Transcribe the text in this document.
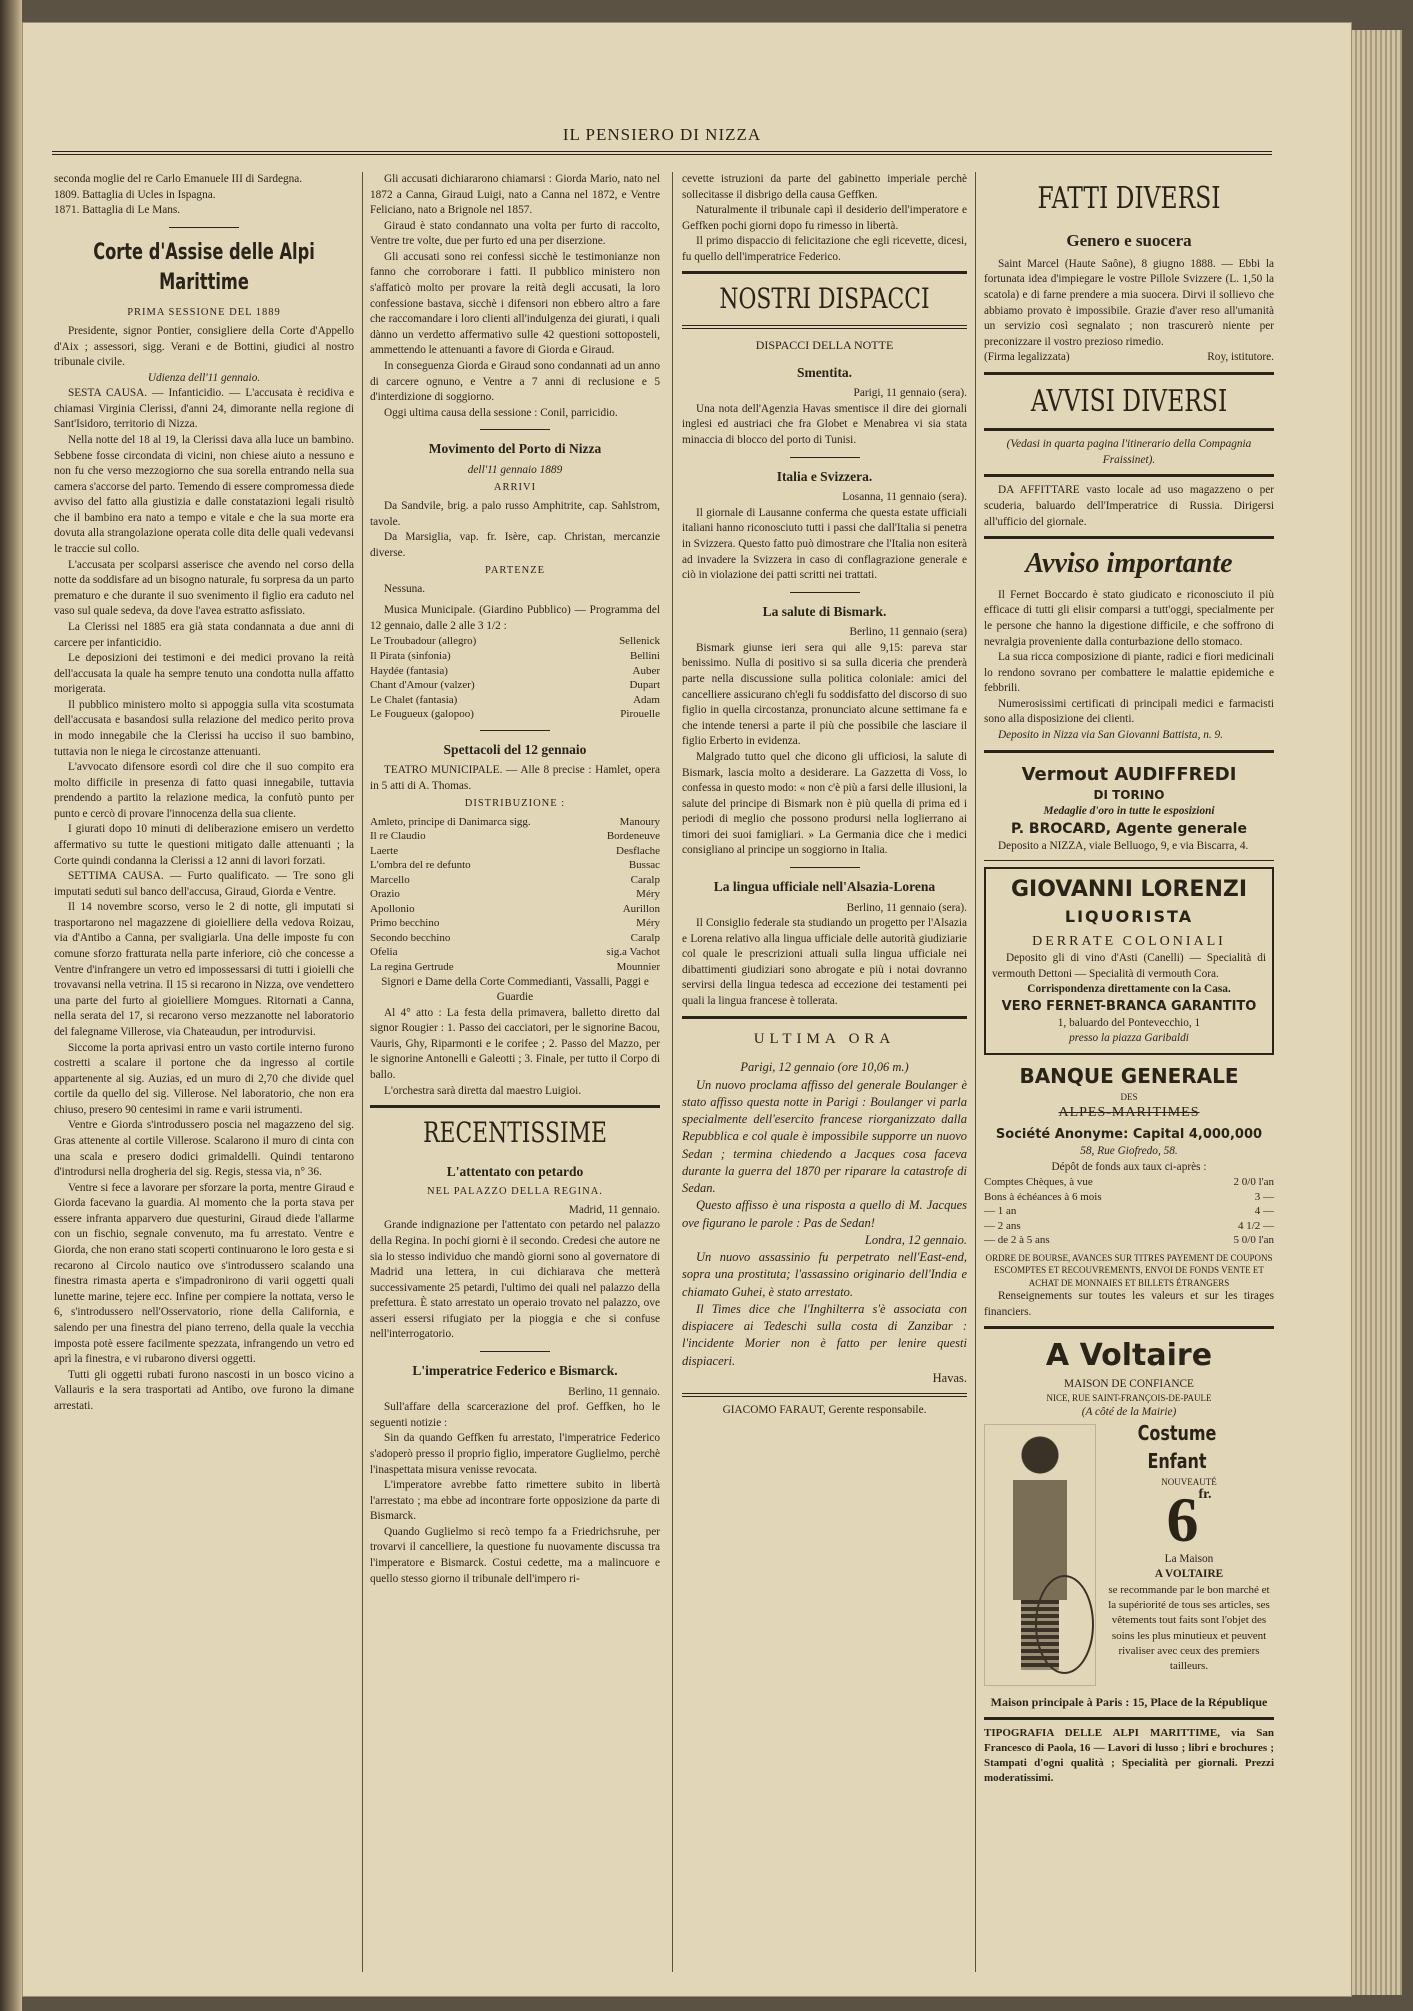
IL PENSIERO DI NIZZA
seconda moglie del re Carlo Emanuele III di Sardegna.
1809. Battaglia di Ucles in Ispagna.
1871. Battaglia di Le Mans.
Corte d'Assise delle Alpi Marittime
PRIMA SESSIONE DEL 1889

Presidente, signor Pontier, consigliere della Corte d'Appello d'Aix ; assessori, sigg. Verani e de Bottini, giudici al nostro tribunale civile.

Udienza dell'11 gennaio.

SESTA CAUSA. — Infanticidio. — L'accusata è recidiva e chiamasi Virginia Clerissi, d'anni 24, dimorante nella regione di Sant'Isidoro, territorio di Nizza.

Nella notte del 18 al 19, la Clerissi dava alla luce un bambino. Sebbene fosse circondata di vicini, non chiese aiuto a nessuno e non fu che verso mezzogiorno che sua sorella entrando nella sua camera s'accorse del parto. Temendo di essere compromessa diede avviso del fatto alla giustizia e dalle constatazioni legali risultò che il bambino era nato a tempo e vitale e che la sua morte era dovuta alla strangolazione operata colle dita delle quali vedevansi le traccie sul collo.

L'accusata per scolparsi asserisce che avendo nel corso della notte da soddisfare ad un bisogno naturale, fu sorpresa da un parto prematuro e che durante il suo svenimento il figlio era caduto nel vaso sul quale sedeva, da dove l'avea estratto asfissiato.

La Clerissi nel 1885 era già stata condannata a due anni di carcere per infanticidio.

Le deposizioni dei testimoni e dei medici provano la reità dell'accusata la quale ha sempre tenuto una condotta nulla affatto morigerata.

Il pubblico ministero molto si appoggia sulla vita scostumata dell'accusata e basandosi sulla relazione del medico perito prova in modo innegabile che la Clerissi ha ucciso il suo bambino, tuttavia non le niega le circostanze attenuanti.

L'avvocato difensore esordì col dire che il suo compito era molto difficile in presenza di fatto quasi innegabile, tuttavia prendendo a partito la relazione medica, la confutò punto per punto e cercò di provare l'innocenza della sua cliente.

I giurati dopo 10 minuti di deliberazione emisero un verdetto affermativo su tutte le questioni mitigato dalle attenuanti ; la Corte quindi condanna la Clerissi a 12 anni di lavori forzati.

SETTIMA CAUSA. — Furto qualificato. — Tre sono gli imputati seduti sul banco dell'accusa, Giraud, Giorda e Ventre.

Il 14 novembre scorso, verso le 2 di notte, gli imputati si trasportarono nel magazzene di gioielliere della vedova Roizau, via d'Antibo a Canna, per svaligiarla. Una delle imposte fu con comune sforzo fratturata nella parte inferiore, ciò che concesse a Ventre d'infrangere un vetro ed impossessarsi di tutti i gioielli che trovavansi nella vetrina. Il 15 si recarono in Nizza, ove vendettero una parte del furto al gioielliere Momgues. Ritornati a Canna, nella serata del 17, si recarono verso mezzanotte nel laboratorio del falegname Villerose, via Chateaudun, per introdurvisi.

Siccome la porta aprivasi entro un vasto cortile interno furono costretti a scalare il portone che da ingresso al cortile appartenente al sig. Auzias, ed un muro di 2,70 che divide quel cortile da quello del sig. Villerose. Nel laboratorio, che non era chiuso, presero 90 centesimi in rame e varii istrumenti.

Ventre e Giorda s'introdussero poscia nel magazzeno del sig. Gras attenente al cortile Villerose. Scalarono il muro di cinta con una scala e presero dodici grimaldelli. Quindi tentarono d'introdursi nella drogheria del sig. Regis, stessa via, n° 36.

Ventre si fece a lavorare per sforzare la porta, mentre Giraud e Giorda facevano la guardia. Al momento che la porta stava per essere infranta apparvero due questurini, Giraud diede l'allarme con un fischio, segnale convenuto, ma fu arrestato. Ventre e Giorda, che non erano stati scoperti continuarono le loro gesta e si recarono al Circolo nautico ove s'introdussero scalando una finestra rimasta aperta e s'impadronirono di varii oggetti quali lunette marine, tejere ecc. Infine per compiere la nottata, verso le 6, s'introdussero nell'Osservatorio, rione della California, e salendo per una finestra del piano terreno, della quale la vecchia imposta potè essere facilmente spezzata, infrangendo un vetro ed aprì la finestra, e vi rubarono diversi oggetti.

Tutti gli oggetti rubati furono nascosti in un bosco vicino a Vallauris e la sera trasportati ad Antibo, ove furono la dimane arrestati.

Gli accusati dichiararono chiamarsi : Giorda Mario, nato nel 1872 a Canna, Giraud Luigi, nato a Canna nel 1872, e Ventre Feliciano, nato a Brignole nel 1857.

Giraud è stato condannato una volta per furto di raccolto, Ventre tre volte, due per furto ed una per diserzione.

Gli accusati sono rei confessi sicchè le testimonianze non fanno che corroborare i fatti. Il pubblico ministero non s'affaticò molto per provare la reità degli accusati, la loro confessione bastava, sicchè i difensori non ebbero altro a fare che raccomandare i loro clienti all'indulgenza dei giurati, i quali dànno un verdetto affermativo sulle 42 questioni sottoposteli, ammettendo le attenuanti a favore di Giorda e Giraud.

In conseguenza Giorda e Giraud sono condannati ad un anno di carcere ognuno, e Ventre a 7 anni di reclusione e 5 d'interdizione di soggiorno.

Oggi ultima causa della sessione : Conil, parricidio.

Movimento del Porto di Nizza
dell'11 gennaio 1889
ARRIVI

Da Sandvile, brig. a palo russo Amphitrite, cap. Sahlstrom, tavole.

Da Marsiglia, vap. fr. Isère, cap. Christan, mercanzie diverse.

PARTENZE

Nessuna.

Musica Municipale. (Giardino Pubblico) — Programma del 12 gennaio, dalle 2 alle 3 1/2 :

Le Troubadour (allegro)	Sellenick
Il Pirata (sinfonia)	Bellini
Haydée (fantasia)	Auber
Chant d'Amour (valzer)	Dupart
Le Chalet (fantasia)	Adam
Le Fougueux (galopoo)	Pirouelle
Spettacoli del 12 gennaio

TEATRO MUNICIPALE. — Alle 8 precise : Hamlet, opera in 5 atti di A. Thomas.

DISTRIBUZIONE :
Amleto, principe di Danimarca sigg.	Manoury
Il re Claudio	Bordeneuve
Laerte	Desflache
L'ombra del re defunto	Bussac
Marcello	Caralp
Orazio	Méry
Apollonio	Aurillon
Primo becchino	Méry
Secondo becchino	Caralp
Ofelia	sig.a Vachot
La regina Gertrude	Mounnier
Signori e Dame della Corte Commedianti, Vassalli, Paggi e Guardie

Al 4° atto : La festa della primavera, balletto diretto dal signor Rougier : 1. Passo dei cacciatori, per le signorine Bacou, Vauris, Ghy, Riparmonti e le corifee ; 2. Passo del Mazzo, per le signorine Antonelli e Galeotti ; 3. Finale, per tutto il Corpo di ballo.

L'orchestra sarà diretta dal maestro Luigioi.

RECENTISSIME
L'attentato con petardo
NEL PALAZZO DELLA REGINA.
Madrid, 11 gennaio.

Grande indignazione per l'attentato con petardo nel palazzo della Regina. In pochi giorni è il secondo. Credesi che autore ne sia lo stesso individuo che mandò giorni sono al governatore di Madrid una lettera, in cui dichiarava che metterà successivamente 25 petardi, l'ultimo dei quali nel palazzo della prefettura. È stato arrestato un operaio trovato nel palazzo, ove asseri essersi rifugiato per la pioggia e che si confuse nell'interrogatorio.

L'imperatrice Federico e Bismarck.
Berlino, 11 gennaio.

Sull'affare della scarcerazione del prof. Geffken, ho le seguenti notizie :

Sin da quando Geffken fu arrestato, l'imperatrice Federico s'adoperò presso il proprio figlio, imperatore Guglielmo, perchè l'inaspettata misura venisse revocata.

L'imperatore avrebbe fatto rimettere subito in libertà l'arrestato ; ma ebbe ad incontrare forte opposizione da parte di Bismarck.

Quando Guglielmo si recò tempo fa a Friedrichsruhe, per trovarvi il cancelliere, la questione fu nuovamente discussa tra l'imperatore e Bismarck. Costui cedette, ma a malincuore e quello stesso giorno il tribunale dell'impero ri-

cevette istruzioni da parte del gabinetto imperiale perchè sollecitasse il disbrigo della causa Geffken.

Naturalmente il tribunale capì il desiderio dell'imperatore e Geffken pochi giorni dopo fu rimesso in libertà.

Il primo dispaccio di felicitazione che egli ricevette, dicesi, fu quello dell'imperatrice Federico.

NOSTRI DISPACCI
DISPACCI DELLA NOTTE
Smentita.
Parigi, 11 gennaio (sera).

Una nota dell'Agenzia Havas smentisce il dire dei giornali inglesi ed austriaci che fra Globet e Menabrea vi sia stata minaccia di blocco del porto di Tunisi.

Italia e Svizzera.
Losanna, 11 gennaio (sera).

Il giornale di Lausanne conferma che questa estate ufficiali italiani hanno riconosciuto tutti i passi che dall'Italia si penetra in Svizzera. Questo fatto può dimostrare che l'Italia non esiterà ad invadere la Svizzera in caso di conflagrazione generale e ciò in violazione dei patti scritti nei trattati.

La salute di Bismark.
Berlino, 11 gennaio (sera)

Bismark giunse ieri sera qui alle 9,15: pareva star benissimo. Nulla di positivo si sa sulla diceria che prenderà parte nella discussione sulla politica coloniale: amici del cancelliere assicurano ch'egli fu soddisfatto del discorso di suo figlio in quella circostanza, pronunciato alcune settimane fa e che intende tenersi a parte il più che possibile che lasciare il figlio Erberto in evidenza.

Malgrado tutto quel che dicono gli ufficiosi, la salute di Bismark, lascia molto a desiderare. La Gazzetta di Voss, lo confessa in questo modo: « non c'è più a farsi delle illusioni, la salute del principe di Bismark non è più quella di prima ed i periodi di meglio che possono prodursi nella loglierrano ai timori dei suoi famigliari. » La Germania dice che i medici consigliano al principe un soggiorno in Italia.

La lingua ufficiale nell'Alsazia-Lorena
Berlino, 11 gennaio (sera).

Il Consiglio federale sta studiando un progetto per l'Alsazia e Lorena relativo alla lingua ufficiale delle autorità giudiziarie col quale le prescrizioni attuali sulla lingua ufficiale nei dibattimenti giudiziari sono abrogate e più i notai dovranno servirsi della lingua tedesca ad eccezione dei testamenti pei quali la lingua francese è tollerata.

ULTIMA ORA
Parigi, 12 gennaio (ore 10,06 m.)

Un nuovo proclama affisso del generale Boulanger è stato affisso questa notte in Parigi : Boulanger vi parla specialmente dell'esercito francese riorganizzato dalla Repubblica e col quale è impossibile supporre un nuovo Sedan ; termina chiedendo a Jacques cosa faceva durante la guerra del 1870 per riparare la catastrofe di Sedan.

Questo affisso è una risposta a quello di M. Jacques ove figurano le parole : Pas de Sedan!

Londra, 12 gennaio.

Un nuovo assassinio fu perpetrato nell'East-end, sopra una prostituta; l'assassino originario dell'India e chiamato Guhei, è stato arrestato.

Il Times dice che l'Inghilterra s'è associata con dispiacere ai Tedeschi sulla costa di Zanzibar : l'incidente Morier non è fatto per lenire questi dispiaceri.

Havas.
GIACOMO FARAUT, Gerente responsabile.
FATTI DIVERSI
Genero e suocera

Saint Marcel (Haute Saône), 8 giugno 1888. — Ebbi la fortunata idea d'impiegare le vostre Pillole Svizzere (L. 1,50 la scatola) e di farne prendere a mia suocera. Dirvi il sollievo che abbiamo provato è impossibile. Grazie d'aver reso all'umanità un servizio così segnalato ; non trascurerò niente per preconizzare il vostro prezioso rimedio.

(Firma legalizzata)	Roy, istitutore.
AVVISI DIVERSI
(Vedasi in quarta pagina l'itinerario della Compagnia Fraissinet).

DA AFFITTARE vasto locale ad uso magazzeno o per scuderia, baluardo dell'Imperatrice di Russia. Dirigersi all'ufficio del giornale.

Avviso importante

Il Fernet Boccardo è stato giudicato e riconosciuto il più efficace di tutti gli elisir comparsi a tutt'oggi, specialmente per le persone che hanno la digestione difficile, e che soffrono di nevralgia proveniente dalla conturbazione dello stomaco.

La sua ricca composizione di piante, radici e fiori medicinali lo rendono sovrano per combattere le malattie epidemiche e febbrili.

Numerosissimi certificati di principali medici e farmacisti sono alla disposizione dei clienti.

Deposito in Nizza via San Giovanni Battista, n. 9.

Vermout AUDIFFREDI
DI TORINO
Medaglie d'oro in tutte le esposizioni
P. BROCARD, Agente generale

Deposito a NIZZA, viale Belluogo, 9, e via Biscarra, 4.

GIOVANNI LORENZI
LIQUORISTA
DERRATE COLONIALI

Deposito gli di vino d'Asti (Canelli) — Specialità di vermouth Dettoni — Specialità di vermouth Cora.

Corrispondenza direttamente con la Casa.
VERO FERNET-BRANCA GARANTITO
1, baluardo del Pontevecchio, 1
presso la piazza Garibaldi
BANQUE GENERALE
DES
ALPES-MARITIMES
Société Anonyme: Capital 4,000,000
58, Rue Giofredo, 58.
Dépôt de fonds aux taux ci-après :
Comptes Chèques, à vue	2 0/0 l'an
Bons à échéances à 6 mois	3 —
— 1 an	4 —
— 2 ans	4 1/2 —
— de 2 à 5 ans	5 0/0 l'an
ORDRE DE BOURSE, AVANCES SUR TITRES PAYEMENT DE COUPONS ESCOMPTES ET RECOUVREMENTS, ENVOI DE FONDS VENTE ET ACHAT DE MONNAIES ET BILLETS ÉTRANGERS

Renseignements sur toutes les valeurs et sur les tirages financiers.

A Voltaire
MAISON DE CONFIANCE
NICE, RUE SAINT-FRANÇOIS-DE-PAULE
(A côté de la Mairie)
Costume Enfant
NOUVEAUTÉ
$6^{fr.}$
La Maison
A VOLTAIRE
se recommande par le bon marché et la supériorité de tous ses articles, ses vêtements tout faits sont l'objet des soins les plus minutieux et peuvent rivaliser avec ceux des premiers tailleurs.
Maison principale à Paris : 15, Place de la République
TIPOGRAFIA DELLE ALPI MARITTIME, via San Francesco di Paola, 16 — Lavori di lusso ; libri e brochures ; Stampati d'ogni qualità ; Specialità per giornali. Prezzi moderatissimi.
